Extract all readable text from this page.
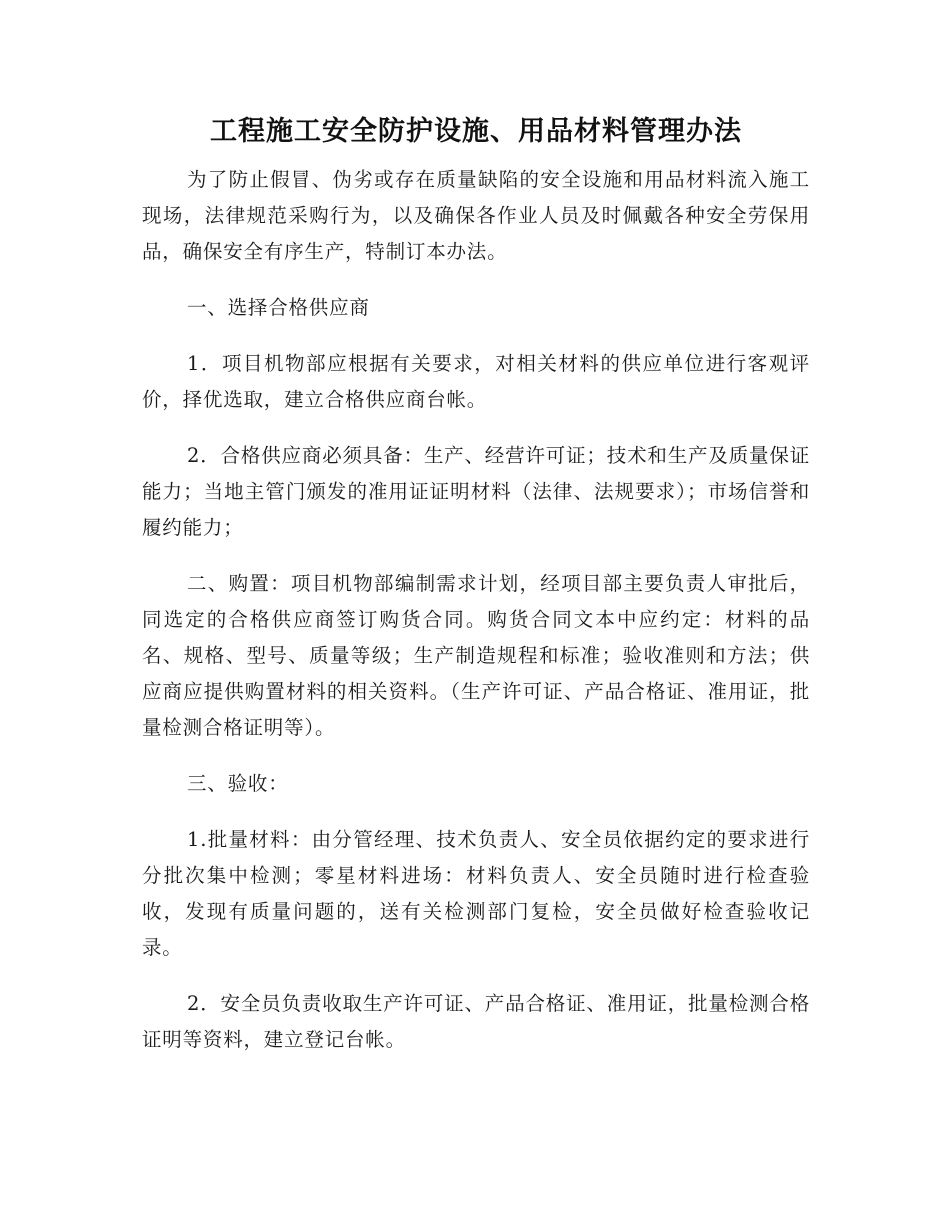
工程施工安全防护设施、用品材料管理办法

为了防止假冒、伪劣或存在质量缺陷的安全设施和用品材料流入施工现场，法律规范采购行为，以及确保各作业人员及时佩戴各种安全劳保用品，确保安全有序生产，特制订本办法。

一、选择合格供应商

1．项目机物部应根据有关要求，对相关材料的供应单位进行客观评价，择优选取，建立合格供应商台帐。

2．合格供应商必须具备：生产、经营许可证；技术和生产及质量保证能力；当地主管门颁发的准用证证明材料（法律、法规要求）；市场信誉和履约能力；

二、购置：项目机物部编制需求计划，经项目部主要负责人审批后，同选定的合格供应商签订购货合同。购货合同文本中应约定：材料的品名、规格、型号、质量等级；生产制造规程和标准；验收准则和方法；供应商应提供购置材料的相关资料。（生产许可证、产品合格证、准用证，批量检测合格证明等）。

三、验收：

1.批量材料：由分管经理、技术负责人、安全员依据约定的要求进行分批次集中检测；零星材料进场：材料负责人、安全员随时进行检查验收，发现有质量问题的，送有关检测部门复检，安全员做好检查验收记录。

2．安全员负责收取生产许可证、产品合格证、准用证，批量检测合格证明等资料，建立登记台帐。
